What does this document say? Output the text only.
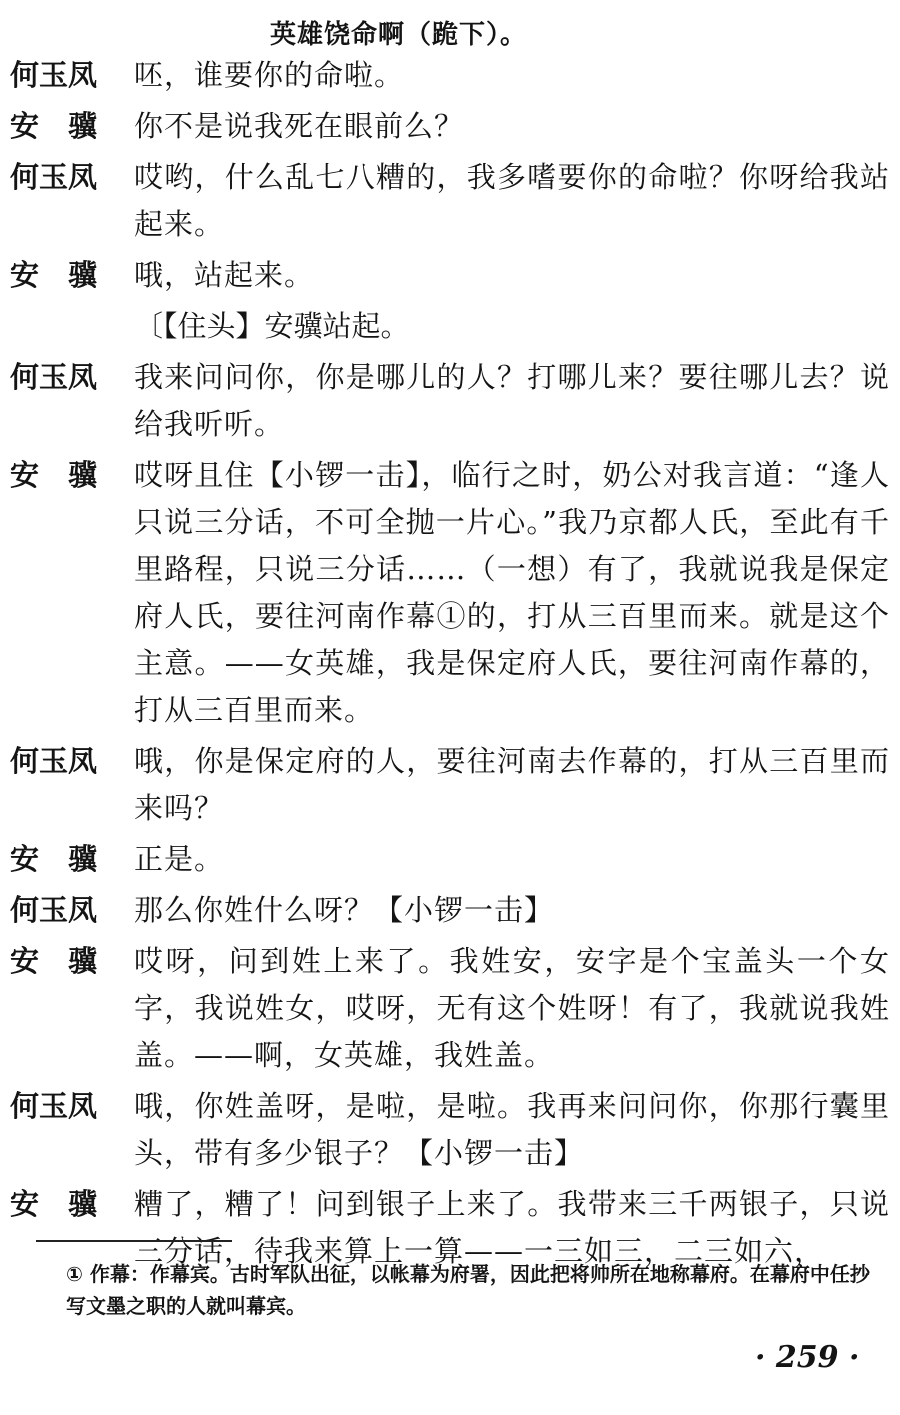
英雄饶命啊（跪下）。
何玉凤	呸，谁要你的命啦。
安　骥	你不是说我死在眼前么？
何玉凤	哎哟，什么乱七八糟的，我多嗜要你的命啦？你呀给我站起来。
安　骥	哦，站起来。
〔【住头】安骥站起。
何玉凤	我来问问你，你是哪儿的人？打哪儿来？要往哪儿去？说给我听听。
安　骥	哎呀且住【小锣一击】，临行之时，奶公对我言道：“逢人只说三分话，不可全抛一片心。”我乃京都人氏，至此有千里路程，只说三分话……（一想）有了，我就说我是保定府人氏，要往河南作幕①的，打从三百里而来。就是这个主意。——女英雄，我是保定府人氏，要往河南作幕的，打从三百里而来。
何玉凤	哦，你是保定府的人，要往河南去作幕的，打从三百里而来吗？
安　骥	正是。
何玉凤	那么你姓什么呀？【小锣一击】
安　骥	哎呀，问到姓上来了。我姓安，安字是个宝盖头一个女字，我说姓女，哎呀，无有这个姓呀！有了，我就说我姓盖。——啊，女英雄，我姓盖。
何玉凤	哦，你姓盖呀，是啦，是啦。我再来问问你，你那行囊里头，带有多少银子？【小锣一击】
安　骥	糟了，糟了！问到银子上来了。我带来三千两银子，只说三分话，待我来算上一算——一三如三，二三如六，
① 作幕：作幕宾。古时军队出征，以帐幕为府署，因此把将帅所在地称幕府。在幕府中任抄写文墨之职的人就叫幕宾。
· 259 ·
